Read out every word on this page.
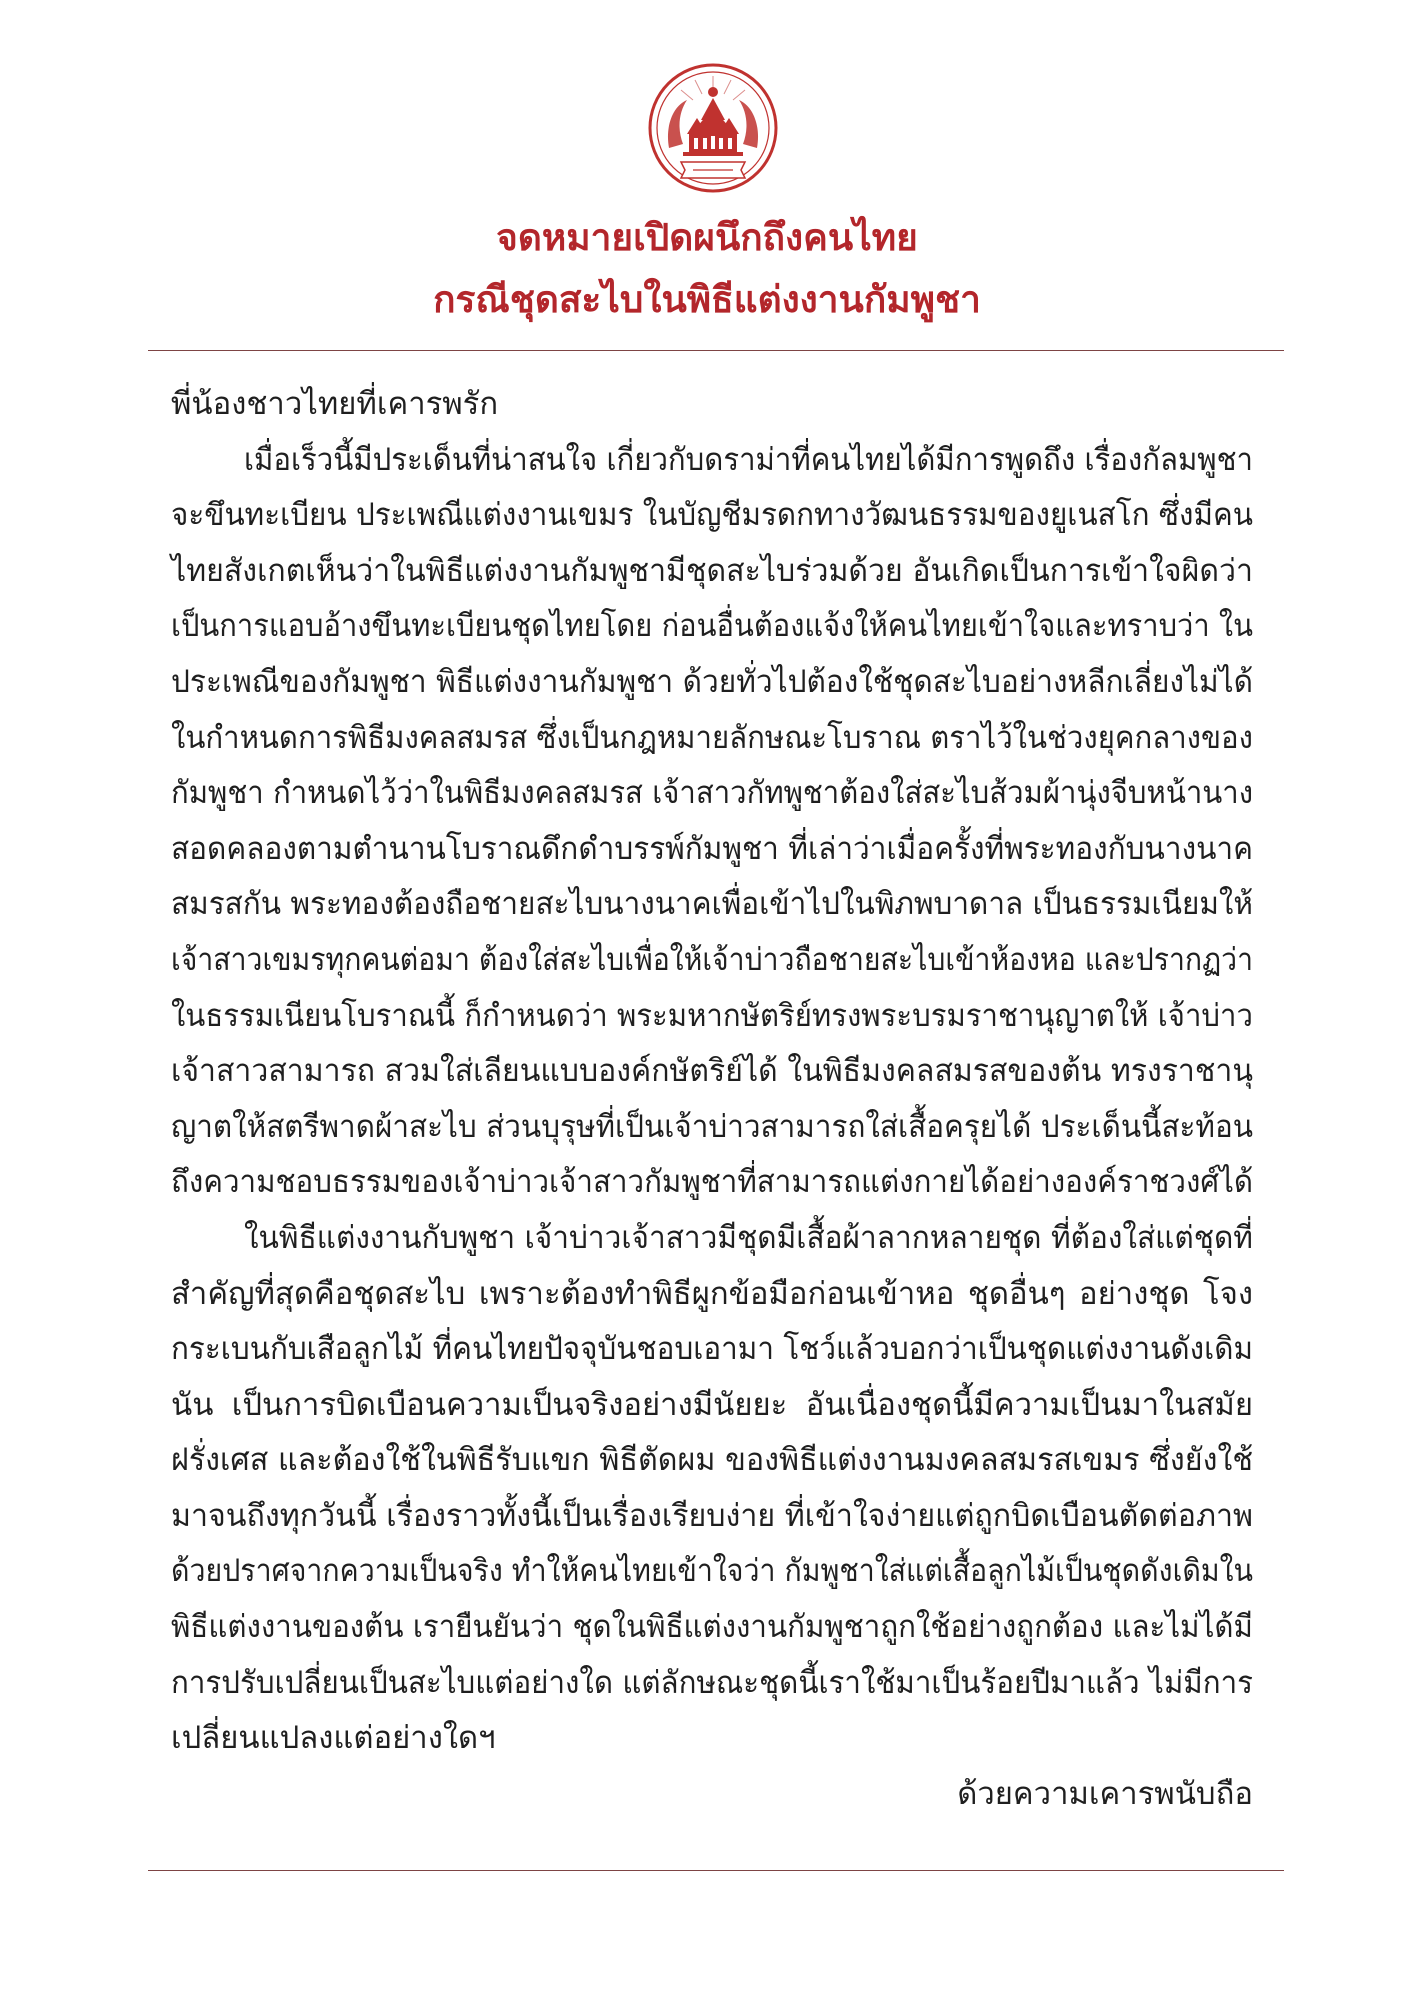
จดหมายเปิดผนึกถึงคนไทย
กรณีชุดสะไบในพิธีแต่งงานกัมพูชา
พี่น้องชาวไทยที่เคารพรัก
เมื่อเร็วนี้มีประเด็นที่น่าสนใจ เกี่ยวกับดราม่าที่คนไทยได้มีการพูดถึง เรื่องกัลมพูชา
จะขึนทะเบียน ประเพณีแต่งงานเขมร ในบัญชีมรดกทางวัฒนธรรมของยูเนสโก ซึ่งมีคน
ไทยสังเกตเห็นว่าในพิธีแต่งงานกัมพูชามีชุดสะไบร่วมด้วย อันเกิดเป็นการเข้าใจผิดว่า
เป็นการแอบอ้างขึนทะเบียนชุดไทยโดย ก่อนอื่นต้องแจ้งให้คนไทยเข้าใจและทราบว่า ใน
ประเพณีของกัมพูชา พิธีแต่งงานกัมพูชา ด้วยทั่วไปต้องใช้ชุดสะไบอย่างหลีกเลี่ยงไม่ได้
ในกำหนดการพิธีมงคลสมรส ซึ่งเป็นกฎหมายลักษณะโบราณ ตราไว้ในช่วงยุคกลางของ
กัมพูชา กำหนดไว้ว่าในพิธีมงคลสมรส เจ้าสาวกัทพูชาต้องใส่สะไบส้วมผ้านุ่งจีบหน้านาง
สอดคลองตามตำนานโบราณดึกดำบรรพ์กัมพูชา ที่เล่าว่าเมื่อครั้งที่พระทองกับนางนาค
สมรสกัน พระทองต้องถือชายสะไบนางนาคเพื่อเข้าไปในพิภพบาดาล เป็นธรรมเนียมให้
เจ้าสาวเขมรทุกคนต่อมา ต้องใส่สะไบเพื่อให้เจ้าบ่าวถือชายสะไบเข้าห้องหอ และปรากฏว่า
ในธรรมเนียนโบราณนี้ ก็กำหนดว่า พระมหากษัตริย์ทรงพระบรมราชานุญาตให้ เจ้าบ่าว
เจ้าสาวสามารถ สวมใส่เลียนแบบองค์กษัตริย์ได้ ในพิธีมงคลสมรสของต้น ทรงราชานุ
ญาตให้สตรีพาดผ้าสะไบ ส่วนบุรุษที่เป็นเจ้าบ่าวสามารถใส่เสื้อครุยได้ ประเด็นนี้สะท้อน
ถึงความชอบธรรมของเจ้าบ่าวเจ้าสาวกัมพูชาที่สามารถแต่งกายได้อย่างองค์ราชวงศ์ได้
ในพิธีแต่งงานกับพูชา เจ้าบ่าวเจ้าสาวมีชุดมีเสื้อผ้าลากหลายชุด ที่ต้องใส่แต่ชุดที่
สำคัญที่สุดคือชุดสะไบ เพราะต้องทำพิธีผูกข้อมือก่อนเข้าหอ ชุดอื่นๆ อย่างชุด โจง
กระเบนกับเสือลูกไม้ ที่คนไทยปัจจุบันชอบเอามา โชว์แล้วบอกว่าเป็นชุดแต่งงานดังเดิม
นัน เป็นการบิดเบือนความเป็นจริงอย่างมีนัยยะ อันเนื่องชุดนี้มีความเป็นมาในสมัย
ฝรั่งเศส และต้องใช้ในพิธีรับแขก พิธีตัดผม ของพิธีแต่งงานมงคลสมรสเขมร ซึ่งยังใช้
มาจนถึงทุกวันนี้ เรื่องราวทั้งนี้เป็นเรื่องเรียบง่าย ที่เข้าใจง่ายแต่ถูกบิดเบือนตัดต่อภาพ
ด้วยปราศจากความเป็นจริง ทำให้คนไทยเข้าใจว่า กัมพูชาใส่แต่เสื้อลูกไม้เป็นชุดดังเดิมใน
พิธีแต่งงานของต้น เรายืนยันว่า ชุดในพิธีแต่งงานกัมพูชาถูกใช้อย่างถูกต้อง และไม่ได้มี
การปรับเปลี่ยนเป็นสะไบแต่อย่างใด แต่ลักษณะชุดนี้เราใช้มาเป็นร้อยปีมาแล้ว ไม่มีการ
เปลี่ยนแปลงแต่อย่างใดฯ
ด้วยความเคารพนับถือ
